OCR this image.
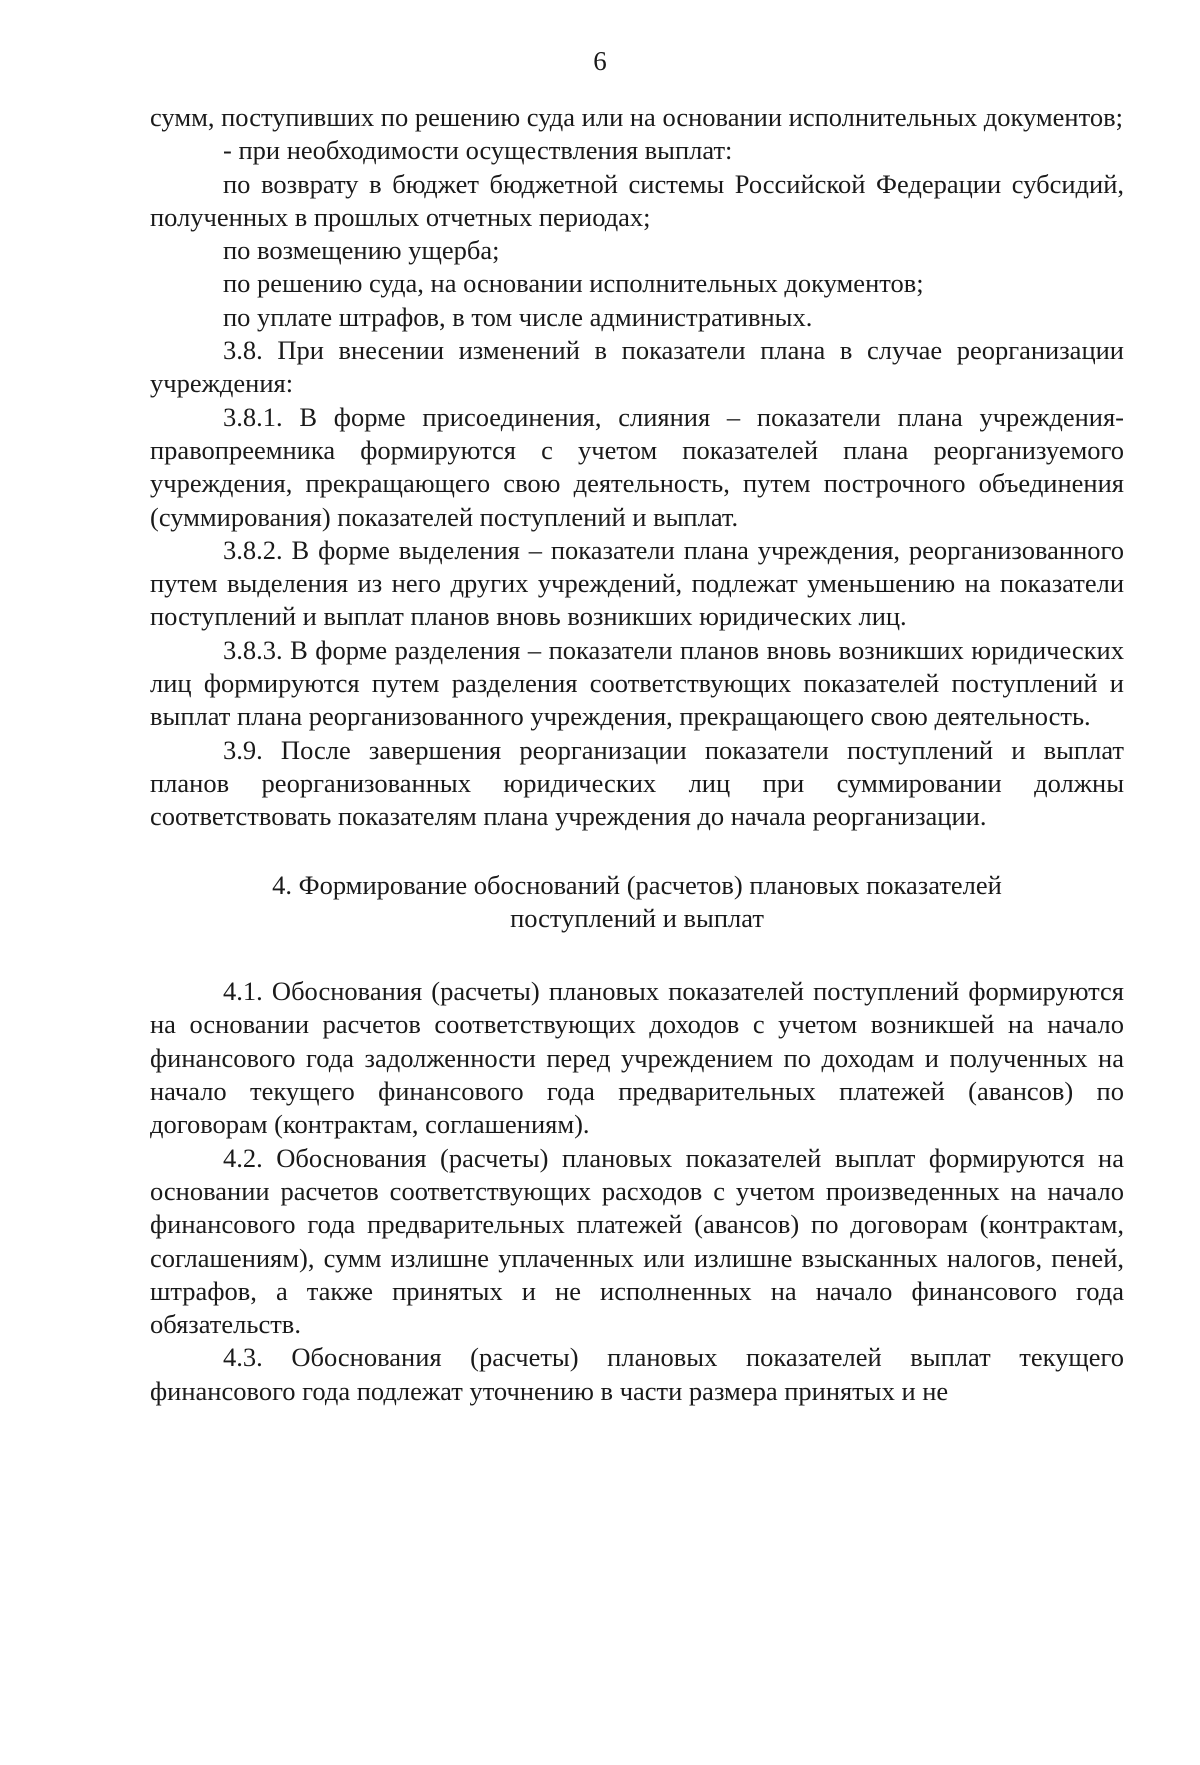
6

сумм, поступивших по решению суда или на основании исполнительных документов;

- при необходимости осуществления выплат:

по возврату в бюджет бюджетной системы Российской Федерации субсидий, полученных в прошлых отчетных периодах;

по возмещению ущерба;

по решению суда, на основании исполнительных документов;

по уплате штрафов, в том числе административных.

3.8. При внесении изменений в показатели плана в случае реорганизации учреждения:

3.8.1. В форме присоединения, слияния – показатели плана учреждения-правопреемника формируются с учетом показателей плана реорганизуемого учреждения, прекращающего свою деятельность, путем построчного объединения (суммирования) показателей поступлений и выплат.

3.8.2. В форме выделения – показатели плана учреждения, реорганизованного путем выделения из него других учреждений, подлежат уменьшению на показатели поступлений и выплат планов вновь возникших юридических лиц.

3.8.3. В форме разделения – показатели планов вновь возникших юридических лиц формируются путем разделения соответствующих показателей поступлений и выплат плана реорганизованного учреждения, прекращающего свою деятельность.

3.9. После завершения реорганизации показатели поступлений и выплат планов реорганизованных юридических лиц при суммировании должны соответствовать показателям плана учреждения до начала реорганизации.

4. Формирование обоснований (расчетов) плановых показателей

поступлений и выплат

4.1. Обоснования (расчеты) плановых показателей поступлений формируются на основании расчетов соответствующих доходов с учетом возникшей на начало финансового года задолженности перед учреждением по доходам и полученных на начало текущего финансового года предварительных платежей (авансов) по договорам (контрактам, соглашениям).

4.2. Обоснования (расчеты) плановых показателей выплат формируются на основании расчетов соответствующих расходов с учетом произведенных на начало финансового года предварительных платежей (авансов) по договорам (контрактам, соглашениям), сумм излишне уплаченных или излишне взысканных налогов, пеней, штрафов, а также принятых и не исполненных на начало финансового года обязательств.

4.3. Обоснования (расчеты) плановых показателей выплат текущего финансового года подлежат уточнению в части размера принятых и не
